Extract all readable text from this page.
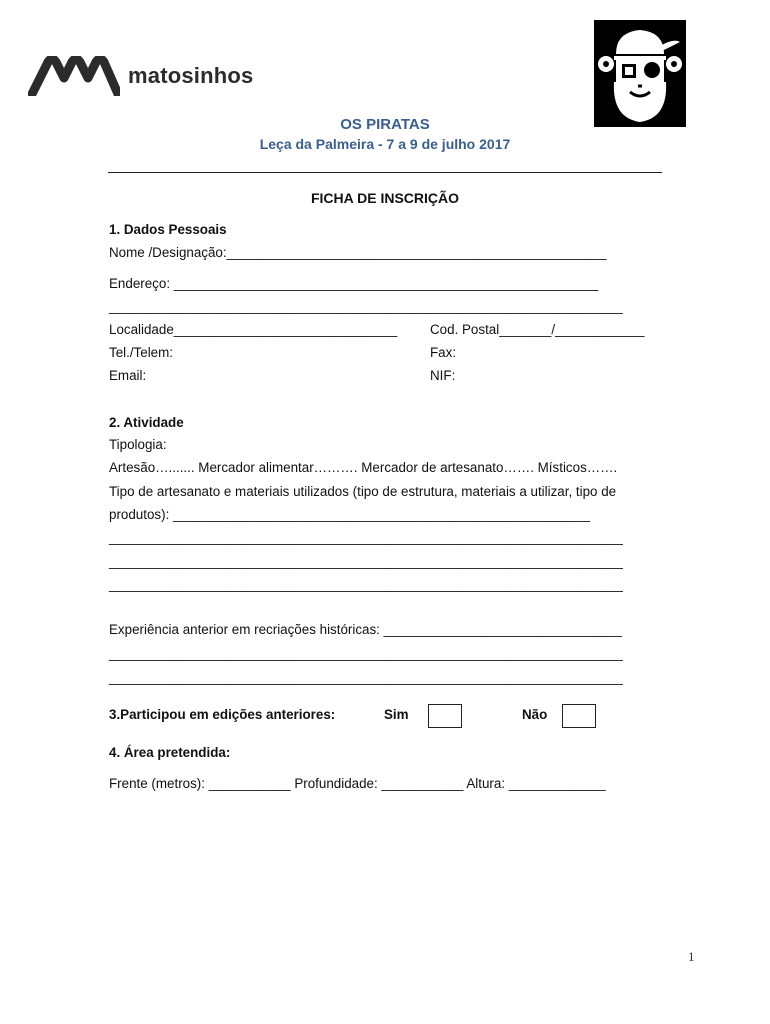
matosinhos
OS PIRATAS
Leça da Palmeira - 7 a 9 de julho 2017
FICHA DE INSCRIÇÃO
1. Dados Pessoais
Nome /Designação:___________________________________________________
Endereço: _________________________________________________________
_____________________________________________________________________
Localidade______________________________ Cod. Postal_______/____________
Tel./Telem:	Fax:
Email:	NIF:
2. Atividade
Tipologia:
Artesão…....... Mercador alimentar………. Mercador de artesanato……. Místicos…….
Tipo de artesanato e materiais utilizados (tipo de estrutura, materiais a utilizar, tipo de
produtos): ________________________________________________________
_____________________________________________________________________
_____________________________________________________________________
_____________________________________________________________________
Experiência anterior em recriações históricas: ________________________________
_____________________________________________________________________
_____________________________________________________________________
3.Participou em edições anteriores:	Sim	Não
4. Área pretendida:
Frente (metros): ___________ Profundidade: ___________ Altura: _____________
1
